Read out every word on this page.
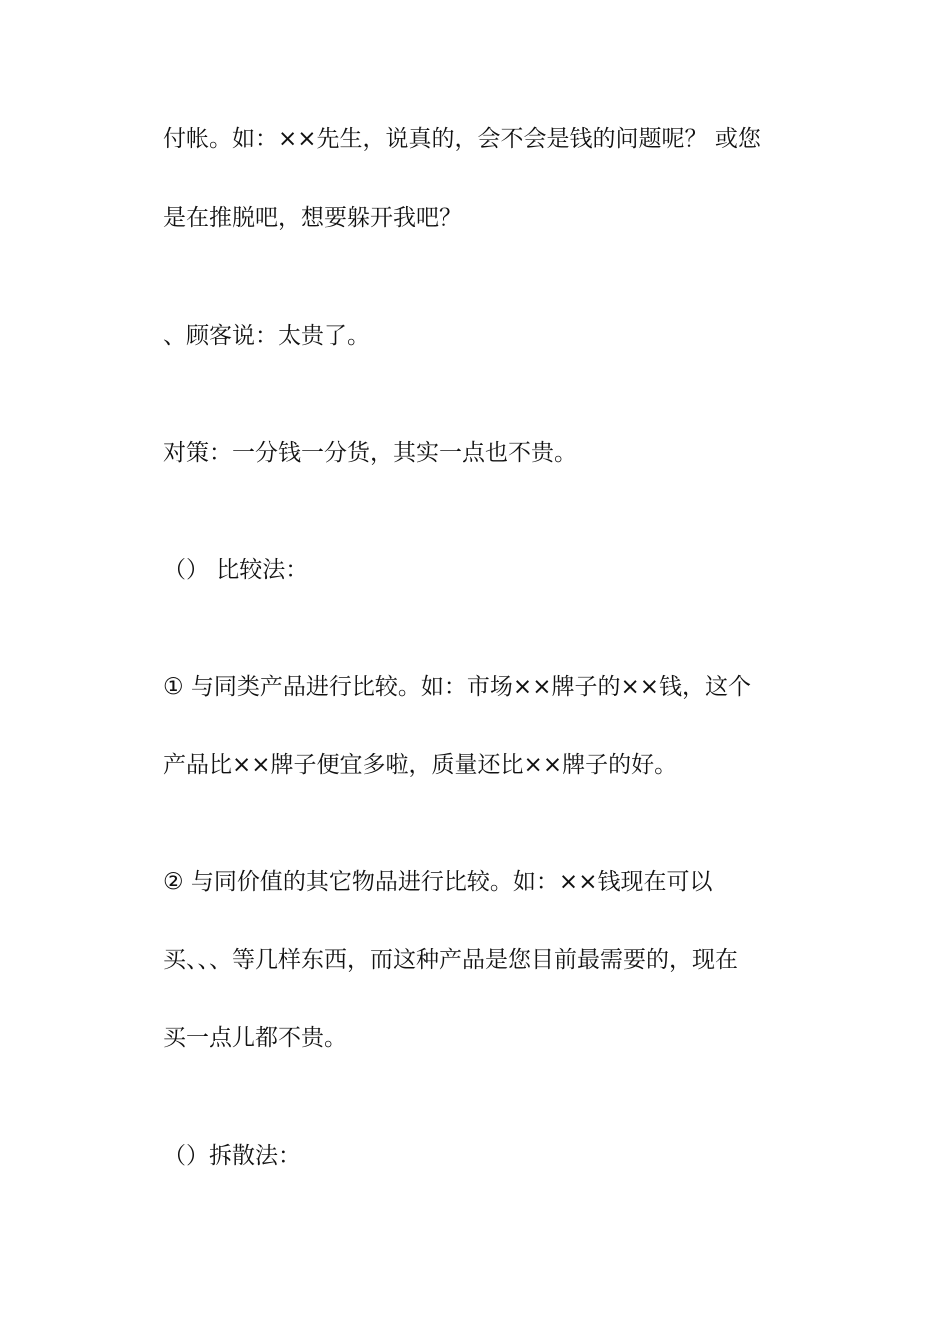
付帐。如：××先生，说真的，会不会是钱的问题呢？ 或您
是在推脱吧，想要躲开我吧？
、顾客说：太贵了。
对策：一分钱一分货，其实一点也不贵。
（） 比较法：
① 与同类产品进行比较。如：市场××牌子的××钱，这个
产品比××牌子便宜多啦，质量还比××牌子的好。
② 与同价值的其它物品进行比较。如：××钱现在可以
买、、、等几样东西，而这种产品是您目前最需要的，现在
买一点儿都不贵。
（）拆散法：
